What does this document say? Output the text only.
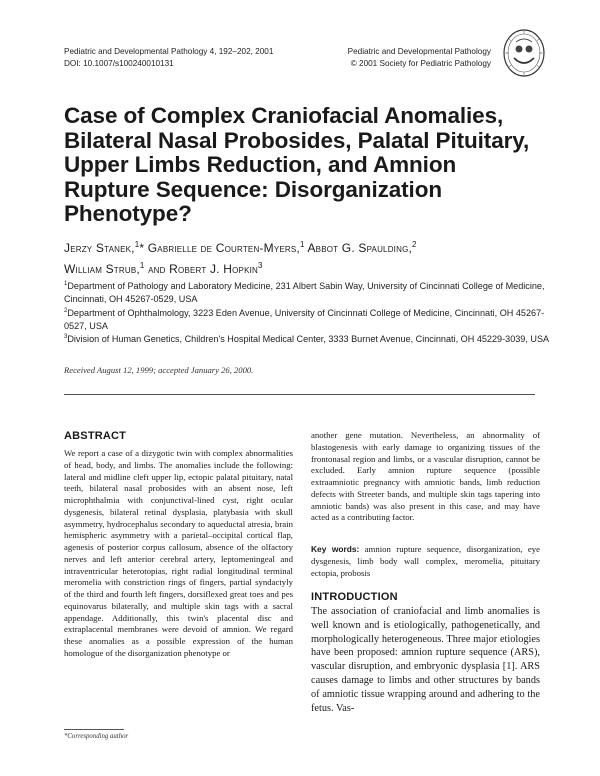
Pediatric and Developmental Pathology 4, 192–202, 2001
DOI: 10.1007/s100240010131
Pediatric and Developmental Pathology
© 2001 Society for Pediatric Pathology
Case of Complex Craniofacial Anomalies, Bilateral Nasal Probosides, Palatal Pituitary, Upper Limbs Reduction, and Amnion Rupture Sequence: Disorganization Phenotype?
Jerzy Stanek,$^1$* Gabrielle de Courten-Myers,$^1$ Abbot G. Spaulding,$^2$
William Strub,$^1$ and Robert J. Hopkin$^3$
$^1$Department of Pathology and Laboratory Medicine, 231 Albert Sabin Way, University of Cincinnati College of Medicine, Cincinnati, OH 45267-0529, USA
$^2$Department of Ophthalmology, 3223 Eden Avenue, University of Cincinnati College of Medicine, Cincinnati, OH 45267-0527, USA
$^3$Division of Human Genetics, Children's Hospital Medical Center, 3333 Burnet Avenue, Cincinnati, OH 45229-3039, USA
Received August 12, 1999; accepted January 26, 2000.
ABSTRACT
We report a case of a dizygotic twin with complex abnormalities of head, body, and limbs. The anomalies include the following: lateral and midline cleft upper lip, ectopic palatal pituitary, natal teeth, bilateral nasal probosides with an absent nose, left microphthalmia with conjunctival-lined cyst, right ocular dysgenesis, bilateral retinal dysplasia, platybasia with skull asymmetry, hydrocephalus secondary to aqueductal atresia, brain hemispheric asymmetry with a parietal–occipital cortical flap, agenesis of posterior corpus callosum, absence of the olfactory nerves and left anterior cerebral artery, leptomeningeal and intraventricular heterotopias, right radial longitudinal terminal meromelia with constriction rings of fingers, partial syndactyly of the third and fourth left fingers, dorsiflexed great toes and pes equinovarus bilaterally, and multiple skin tags with a sacral appendage. Additionally, this twin's placental disc and extraplacental membranes were devoid of amnion. We regard these anomalies as a possible expression of the human homologue of the disorganization phenotype or
another gene mutation. Nevertheless, an abnormality of blastogenesis with early damage to organizing tissues of the frontonasal region and limbs, or a vascular disruption, cannot be excluded. Early amnion rupture sequence (possible extraamniotic pregnancy with amniotic bands, limb reduction defects with Streeter bands, and multiple skin tags tapering into amniotic bands) was also present in this case, and may have acted as a contributing factor.
Key words: amnion rupture sequence, disorganization, eye dysgenesis, limb body wall complex, meromelia, pituitary ectopia, probosis
INTRODUCTION
The association of craniofacial and limb anomalies is well known and is etiologically, pathogenetically, and morphologically heterogeneous. Three major etiologies have been proposed: amnion rupture sequence (ARS), vascular disruption, and embryonic dysplasia [1]. ARS causes damage to limbs and other structures by bands of amniotic tissue wrapping around and adhering to the fetus. Vas-
*Corresponding author
